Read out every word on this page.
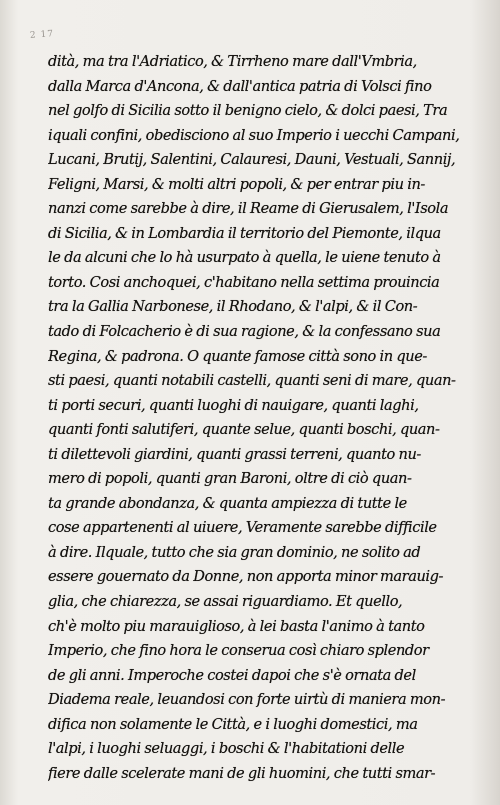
2 17
dità, ma tra l'Adriatico, & Tirrheno mare dall'Vmbria,
dalla Marca d'Ancona, & dall'antica patria di Volsci fino
nel golfo di Sicilia sotto il benigno cielo, & dolci paesi, Tra
iquali confini, obedisciono al suo Imperio i uecchi Campani,
Lucani, Brutij, Salentini, Calauresi, Dauni, Vestuali, Sannij,
Feligni, Marsi, & molti altri popoli, & per entrar piu in-
nanzi come sarebbe à dire, il Reame di Gierusalem, l'Isola
di Sicilia, & in Lombardia il territorio del Piemonte, ilqua
le da alcuni che lo hà usurpato à quella, le uiene tenuto à
torto. Cosi anchoquei, c'habitano nella settima prouincia
tra la Gallia Narbonese, il Rhodano, & l'alpi, & il Con-
tado di Folcacherio è di sua ragione, & la confessano sua
Regina, & padrona. O quante famose città sono in que-
sti paesi, quanti notabili castelli, quanti seni di mare, quan-
ti porti securi, quanti luoghi di nauigare, quanti laghi,
quanti fonti salutiferi, quante selue, quanti boschi, quan-
ti dilettevoli giardini, quanti grassi terreni, quanto nu-
mero di popoli, quanti gran Baroni, oltre di ciò quan-
ta grande abondanza, & quanta ampiezza di tutte le
cose appartenenti al uiuere, Veramente sarebbe difficile
à dire. Ilquale, tutto che sia gran dominio, ne solito ad
essere gouernato da Donne, non apporta minor marauig-
glia, che chiarezza, se assai riguardiamo. Et quello,
ch'è molto piu marauiglioso, à lei basta l'animo à tanto
Imperio, che fino hora le conserua così chiaro splendor
de gli anni. Imperoche costei dapoi che s'è ornata del
Diadema reale, leuandosi con forte uirtù di maniera mon-
difica non solamente le Città, e i luoghi domestici, ma
l'alpi, i luoghi seluaggi, i boschi & l'habitationi delle
fiere dalle scelerate mani de gli huomini, che tutti smar-
